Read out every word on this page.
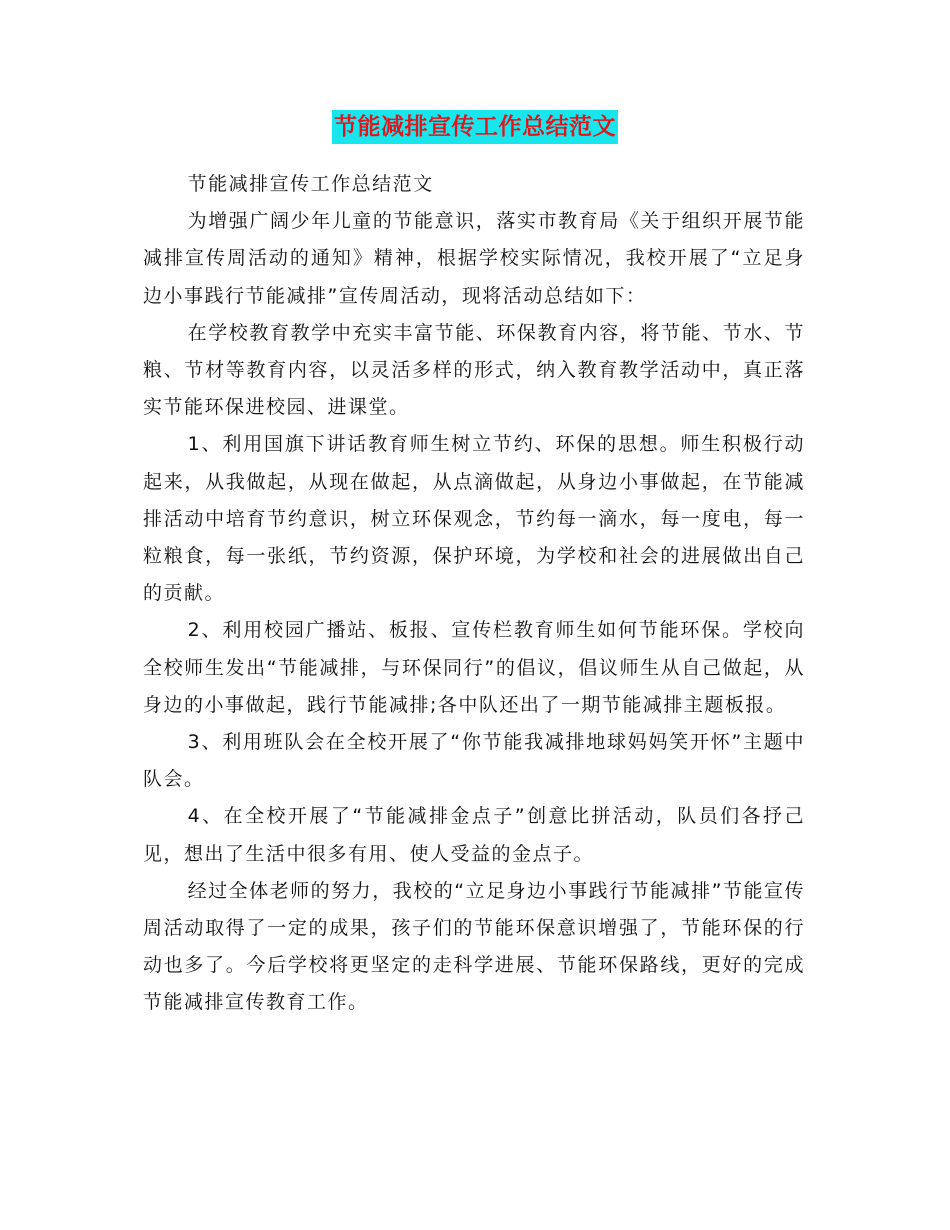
节能减排宣传工作总结范文

节能减排宣传工作总结范文

为增强广阔少年儿童的节能意识，落实市教育局《关于组织开展节能减排宣传周活动的通知》精神，根据学校实际情况，我校开展了“立足身边小事践行节能减排”宣传周活动，现将活动总结如下：

在学校教育教学中充实丰富节能、环保教育内容，将节能、节水、节粮、节材等教育内容，以灵活多样的形式，纳入教育教学活动中，真正落实节能环保进校园、进课堂。

1、利用国旗下讲话教育师生树立节约、环保的思想。师生积极行动起来，从我做起，从现在做起，从点滴做起，从身边小事做起，在节能减排活动中培育节约意识，树立环保观念，节约每一滴水，每一度电，每一粒粮食，每一张纸，节约资源，保护环境，为学校和社会的进展做出自己的贡献。

2、利用校园广播站、板报、宣传栏教育师生如何节能环保。学校向全校师生发出“节能减排，与环保同行”的倡议，倡议师生从自己做起，从身边的小事做起，践行节能减排;各中队还出了一期节能减排主题板报。

3、利用班队会在全校开展了“你节能我减排地球妈妈笑开怀”主题中队会。

4、在全校开展了“节能减排金点子”创意比拼活动，队员们各抒己见，想出了生活中很多有用、使人受益的金点子。

经过全体老师的努力，我校的“立足身边小事践行节能减排”节能宣传周活动取得了一定的成果，孩子们的节能环保意识增强了，节能环保的行动也多了。今后学校将更坚定的走科学进展、节能环保路线，更好的完成节能减排宣传教育工作。
